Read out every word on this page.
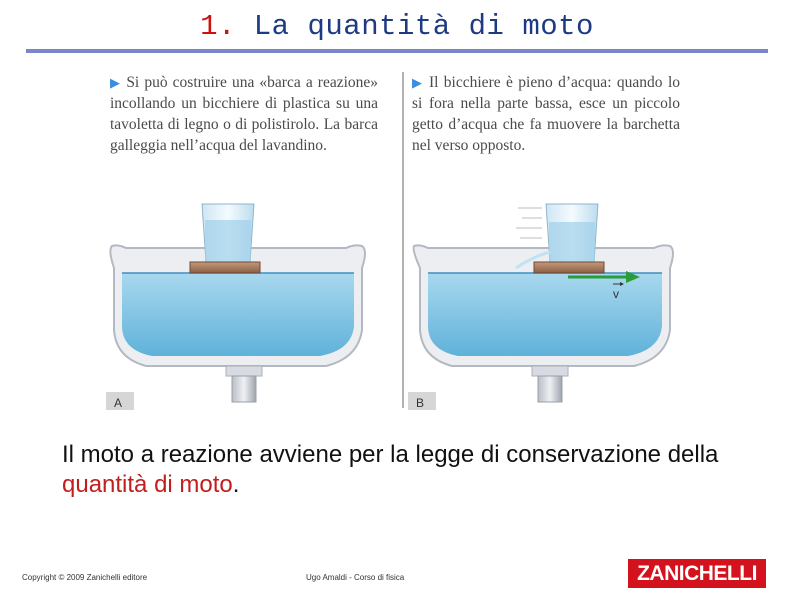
1. La quantità di moto
▶ Si può costruire una «barca a reazione» incollando un bicchiere di plastica su una tavoletta di legno o di polistirolo. La barca galleggia nell’acqua del lavandino.
▶ Il bicchiere è pieno d’acqua: quando lo si fora nella parte bassa, esce un piccolo getto d’acqua che fa muovere la barchetta nel verso opposto.
A
v
B
Il moto a reazione avviene per la legge di conservazione della quantità di moto.
Copyright © 2009 Zanichelli editore	Ugo Amaldi - Corso di fisica	ZANICHELLI
